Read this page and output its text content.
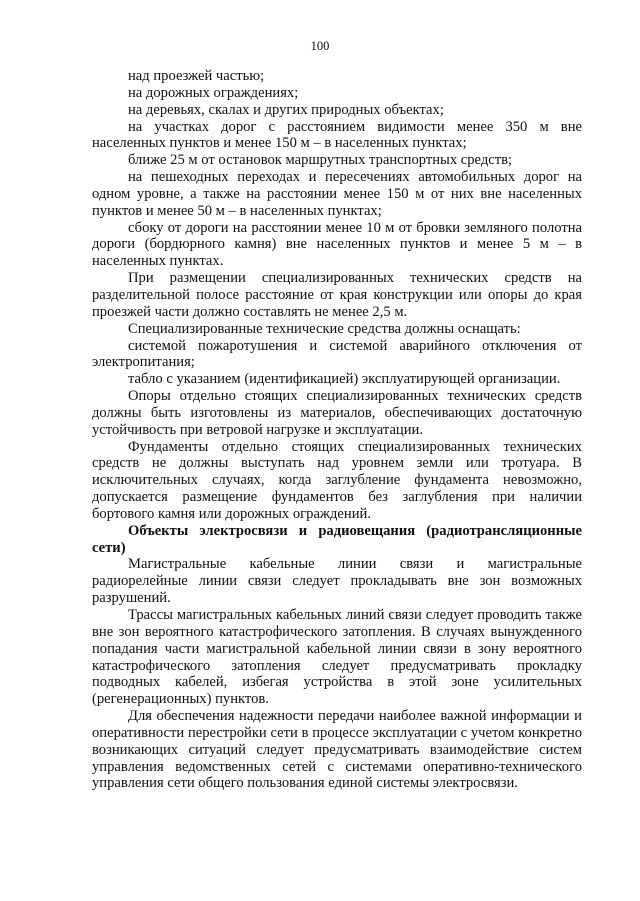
100

над проезжей частью;

на дорожных ограждениях;

на деревьях, скалах и других природных объектах;

на участках дорог с расстоянием видимости менее 350 м вне населенных пунктов и менее 150 м – в населенных пунктах;

ближе 25 м от остановок маршрутных транспортных средств;

на пешеходных переходах и пересечениях автомобильных дорог на одном уровне, а также на расстоянии менее 150 м от них вне населенных пунктов и менее 50 м – в населенных пунктах;

сбоку от дороги на расстоянии менее 10 м от бровки земляного полотна дороги (бордюрного камня) вне населенных пунктов и менее 5 м – в населенных пунктах.

При размещении специализированных технических средств на разделительной полосе расстояние от края конструкции или опоры до края проезжей части должно составлять не менее 2,5 м.

Специализированные технические средства должны оснащать:

системой пожаротушения и системой аварийного отключения от электропитания;

табло с указанием (идентификацией) эксплуатирующей организации.

Опоры отдельно стоящих специализированных технических средств должны быть изготовлены из материалов, обеспечивающих достаточную устойчивость при ветровой нагрузке и эксплуатации.

Фундаменты отдельно стоящих специализированных технических средств не должны выступать над уровнем земли или тротуара. В исключительных случаях, когда заглубление фундамента невозможно, допускается размещение фундаментов без заглубления при наличии бортового камня или дорожных ограждений.

Объекты электросвязи и радиовещания (радиотрансляционные сети)

Магистральные кабельные линии связи и магистральные радиорелейные линии связи следует прокладывать вне зон возможных разрушений.

Трассы магистральных кабельных линий связи следует проводить также вне зон вероятного катастрофического затопления. В случаях вынужденного попадания части магистральной кабельной линии связи в зону вероятного катастрофического затопления следует предусматривать прокладку подводных кабелей, избегая устройства в этой зоне усилительных (регенерационных) пунктов.

Для обеспечения надежности передачи наиболее важной информации и оперативности перестройки сети в процессе эксплуатации с учетом конкретно возникающих ситуаций следует предусматривать взаимодействие систем управления ведомственных сетей с системами оперативно-технического управления сети общего пользования единой системы электросвязи.
